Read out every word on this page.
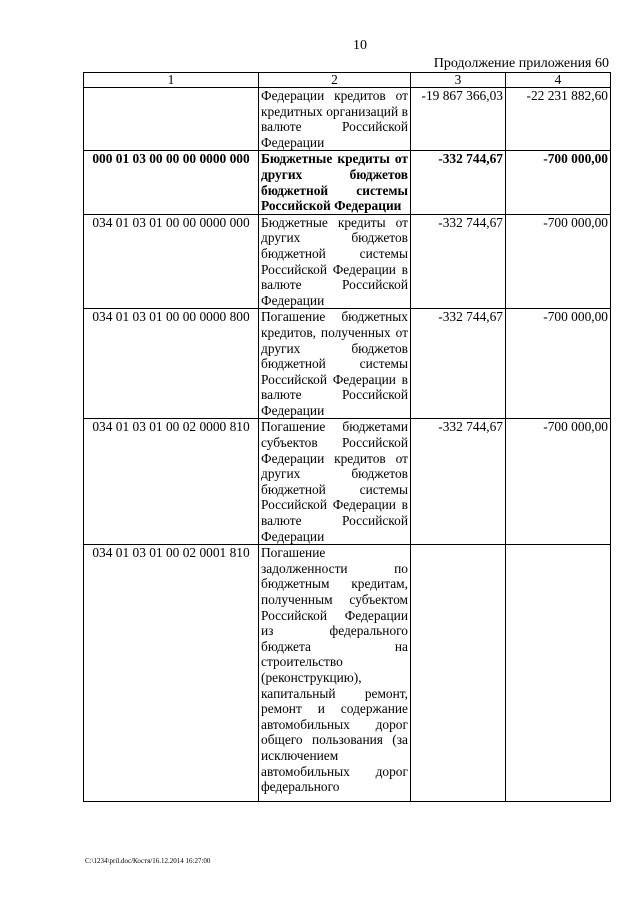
10
Продолжение приложения 60
1	2	3	4
	Федерации кредитов от кредитных организаций в валюте Российской Федерации	-19 867 366,03	-22 231 882,60
000 01 03 00 00 00 0000 000	Бюджетные кредиты от других бюджетов бюджетной системы Российской Федерации	-332 744,67	-700 000,00
034 01 03 01 00 00 0000 000	Бюджетные кредиты от других бюджетов бюджетной системы Российской Федерации в валюте Российской Федерации	-332 744,67	-700 000,00
034 01 03 01 00 00 0000 800	Погашение бюджетных кредитов, полученных от других бюджетов бюджетной системы Российской Федерации в валюте Российской Федерации	-332 744,67	-700 000,00
034 01 03 01 00 02 0000 810	Погашение бюджетами субъектов Российской Федерации кредитов от других бюджетов бюджетной системы Российской Федерации в валюте Российской Федерации	-332 744,67	-700 000,00
034 01 03 01 00 02 0001 810	Погашение задолженности по бюджетным кредитам, полученным субъектом Российской Федерации из федерального бюджета на строительство (реконструкцию), капитальный ремонт, ремонт и содержание автомобильных дорог общего пользования (за исключением автомобильных дорог федерального		
C:\1234\pril.doc/Костя/16.12.2014 16:27:00
